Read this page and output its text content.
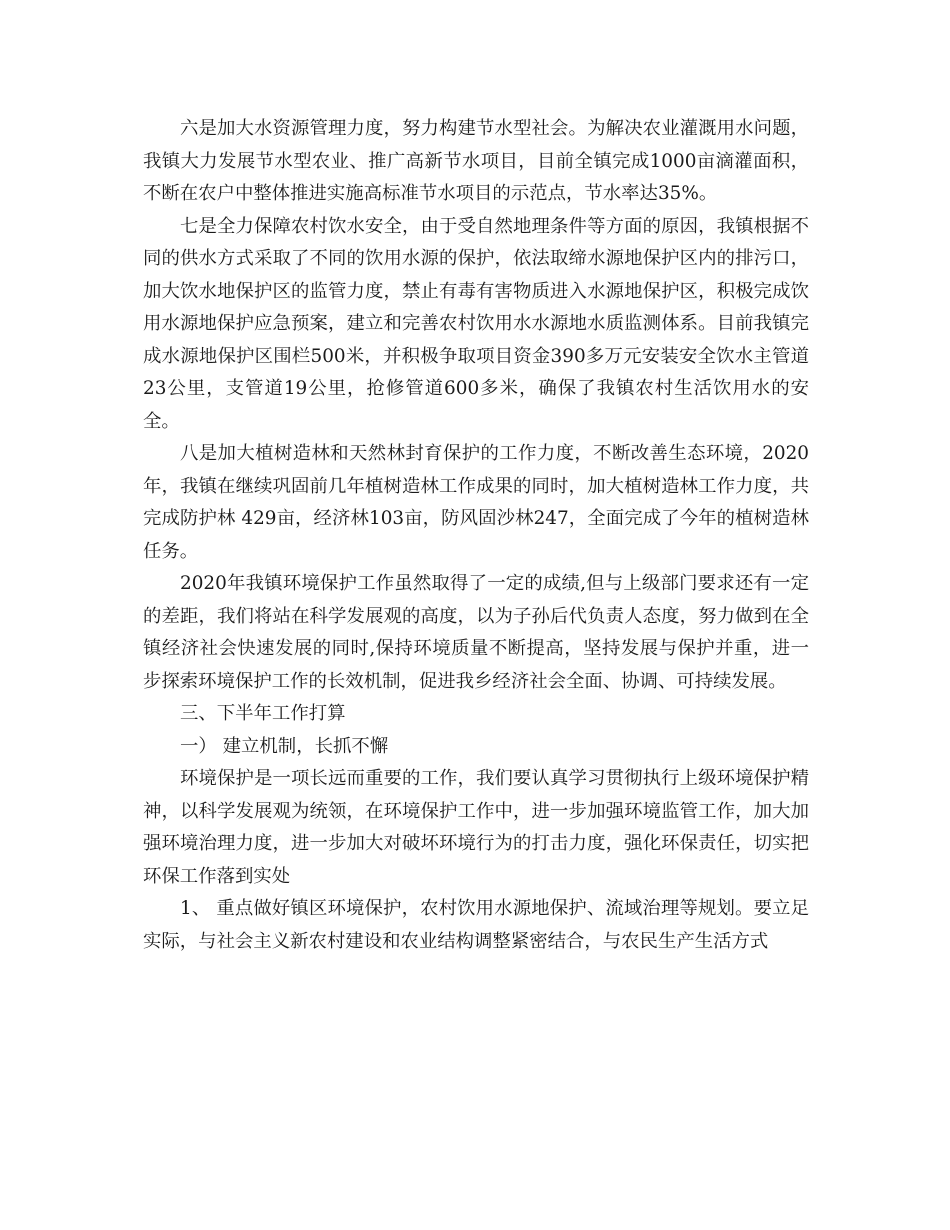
六是加大水资源管理力度，努力构建节水型社会。为解决农业灌溉用水问题，我镇大力发展节水型农业、推广高新节水项目，目前全镇完成1000亩滴灌面积，不断在农户中整体推进实施高标准节水项目的示范点，节水率达35%。

七是全力保障农村饮水安全，由于受自然地理条件等方面的原因，我镇根据不同的供水方式采取了不同的饮用水源的保护，依法取缔水源地保护区内的排污口，加大饮水地保护区的监管力度，禁止有毒有害物质进入水源地保护区，积极完成饮用水源地保护应急预案，建立和完善农村饮用水水源地水质监测体系。目前我镇完成水源地保护区围栏500米，并积极争取项目资金390多万元安装安全饮水主管道23公里，支管道19公里，抢修管道600多米，确保了我镇农村生活饮用水的安全。

八是加大植树造林和天然林封育保护的工作力度，不断改善生态环境，2020年，我镇在继续巩固前几年植树造林工作成果的同时，加大植树造林工作力度，共完成防护林 429亩，经济林103亩，防风固沙林247，全面完成了今年的植树造林任务。

2020年我镇环境保护工作虽然取得了一定的成绩,但与上级部门要求还有一定的差距，我们将站在科学发展观的高度，以为子孙后代负责人态度，努力做到在全镇经济社会快速发展的同时,保持环境质量不断提高，坚持发展与保护并重，进一步探索环境保护工作的长效机制，促进我乡经济社会全面、协调、可持续发展。

三、下半年工作打算

一） 建立机制，长抓不懈

环境保护是一项长远而重要的工作，我们要认真学习贯彻执行上级环境保护精神，以科学发展观为统领，在环境保护工作中，进一步加强环境监管工作，加大加强环境治理力度，进一步加大对破坏环境行为的打击力度，强化环保责任，切实把环保工作落到实处

1、 重点做好镇区环境保护，农村饮用水源地保护、流域治理等规划。要立足实际，与社会主义新农村建设和农业结构调整紧密结合，与农民生产生活方式
